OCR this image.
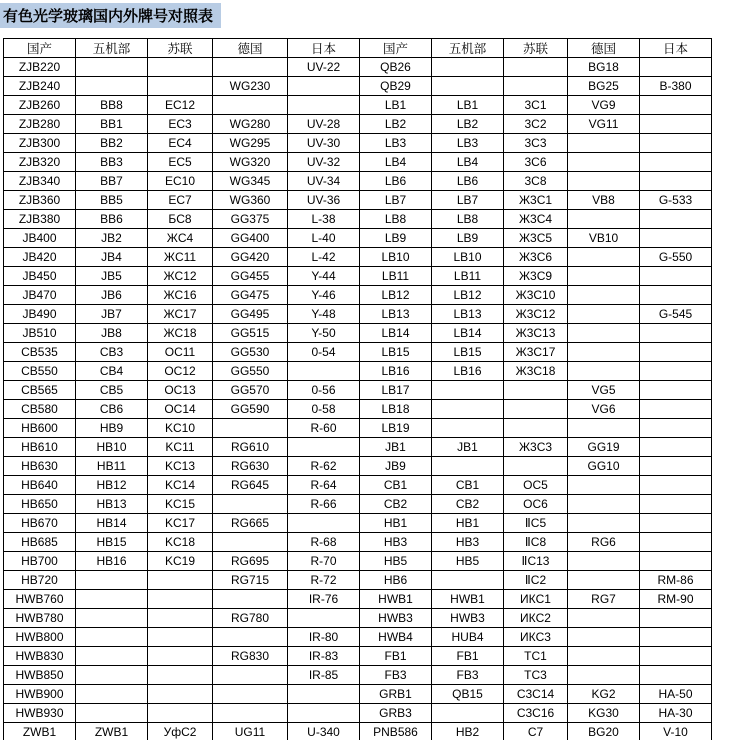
有色光学玻璃国内外牌号对照表
国产	五机部	苏联	德国	日本	国产	五机部	苏联	德国	日本
ZJB220				UV-22	QB26			BG18	
ZJB240			WG230		QB29			BG25	B-380
ZJB260	BB8	EC12			LB1	LB1	3C1	VG9	
ZJB280	BB1	EC3	WG280	UV-28	LB2	LB2	3C2	VG11	
ZJB300	BB2	EC4	WG295	UV-30	LB3	LB3	3C3		
ZJB320	BB3	EC5	WG320	UV-32	LB4	LB4	3C6		
ZJB340	BB7	EC10	WG345	UV-34	LB6	LB6	3C8		
ZJB360	BB5	EC7	WG360	UV-36	LB7	LB7	Ж3C1	VB8	G-533
ZJB380	BB6	БC8	GG375	L-38	LB8	LB8	Ж3C4		
JB400	JB2	ЖC4	GG400	L-40	LB9	LB9	Ж3C5	VB10	
JB420	JB4	ЖC11	GG420	L-42	LB10	LB10	Ж3C6		G-550
JB450	JB5	ЖC12	GG455	Y-44	LB11	LB11	Ж3C9		
JB470	JB6	ЖC16	GG475	Y-46	LB12	LB12	Ж3C10		
JB490	JB7	ЖC17	GG495	Y-48	LB13	LB13	Ж3C12		G-545
JB510	JB8	ЖC18	GG515	Y-50	LB14	LB14	Ж3C13		
CB535	CB3	OC11	GG530	0-54	LB15	LB15	Ж3C17		
CB550	CB4	OC12	GG550		LB16	LB16	Ж3C18		
CB565	CB5	OC13	GG570	0-56	LB17			VG5	
CB580	CB6	OC14	GG590	0-58	LB18			VG6	
HB600	HB9	KC10		R-60	LB19				
HB610	HB10	KC11	RG610		JB1	JB1	Ж3C3	GG19	
HB630	HB11	KC13	RG630	R-62	JB9			GG10	
HB640	HB12	KC14	RG645	R-64	CB1	CB1	OC5		
HB650	HB13	KC15		R-66	CB2	CB2	OC6		
HB670	HB14	KC17	RG665		HB1	HB1	ⅡC5		
HB685	HB15	KC18		R-68	HB3	HB3	ⅡC8	RG6	
HB700	HB16	KC19	RG695	R-70	HB5	HB5	ⅡC13		
HB720			RG715	R-72	HB6		ⅡC2		RM-86
HWB760				IR-76	HWB1	HWB1	ИКC1	RG7	RM-90
HWB780			RG780		HWB3	HWB3	ИКC2		
HWB800				IR-80	HWB4	HUB4	ИКC3		
HWB830			RG830	IR-83	FB1	FB1	TC1		
HWB850				IR-85	FB3	FB3	TC3		
HWB900					GRB1	QB15	C3C14	KG2	HA-50
HWB930					GRB3		C3C16	KG30	HA-30
ZWB1	ZWB1	УфC2	UG11	U-340	PNB586	HB2	C7	BG20	V-10
